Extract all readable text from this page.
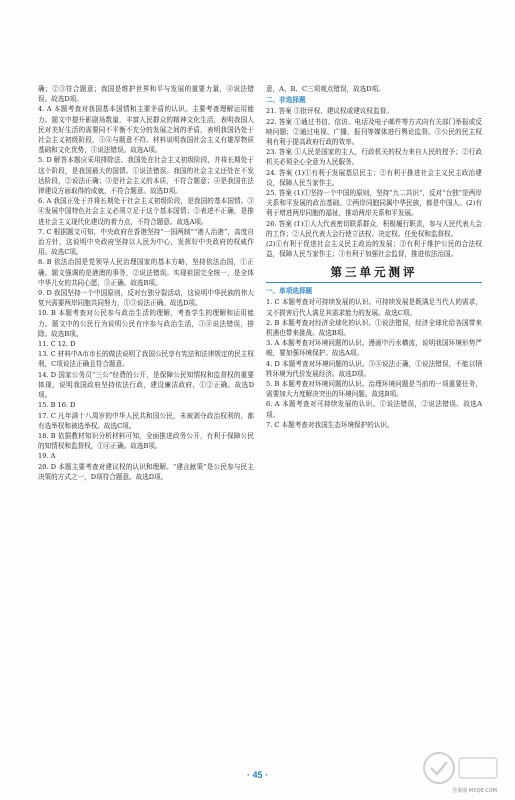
确；②③符合题意；我国是维护世界和平与发展的重要力量，④说法错误。故选D项。

4. A 本题考查对我国基本国情和主要矛盾的认识。主要考查理解运用能力。题文中提升影剧场数量，丰富人民群众的精神文化生活，表明我国人民对美好生活的需要同不平衡不充分的发展之间的矛盾，表明我国仍处于社会主义初级阶段，③④与题意不符。材料说明我国社会主义有雄厚物质基础和文化优势，③说法错误。故选A项。

5. D 解答本题应采用排除法。我国处在社会主义初级阶段，并将长期处于这个阶段，是我国最大的国情。①说法错误。我国的社会主义还处在不发达阶段，②说法正确；③是社会主义的本质，不符合题意；④是我国在法律建设方面取得的成就，不符合题意。故选D项。

6. A 我国正处于并将长期处于社会主义初级阶段，是我国的基本国情。③④发展中国特色社会主义必须立足于这个基本国情；②表述不正确，是推进社会主义现代化建设的着力点，不符合题意。故选A项。

7. C 根据题文可知，中央政府在香港坚持“一国两制”“港人治港”，高度自治方针，这说明中央政府坚持以人民为中心，发挥好中央政府的权威作用。故选C项。

8. B 依法治国是党领导人民治理国家的基本方略，坚持依法治国，①正确。题文强调的是港澳的事务，②说法错误。实现祖国完全统一，是全体中华儿女的共同心愿，③正确。故选B项。

9. D 我国坚持一个中国原则，反对台独分裂活动，这说明中华民族的伟大复兴需要两岸同胞共同努力，①③说法正确。故选D项。

10. B 本题考查对公民参与政治生活的理解，考查学生的理解和运用能力。题文中的公民行为说明公民有序参与政治生活，③④说法错误，排除。故选B项。

11. C 12. D

13. C 材料中A市市长的做法说明了我国公民享有宪法和法律规定的民主权利，C项说法正确且符合题意。

14. D 国家公务员“三公”经费的公开，是保障公民知情权和监督权的重要体现，说明我国政府坚持依法行政，建设廉洁政府，①②正确。故选D项。

15. B 16. D

17. C 凡年满十八周岁的中华人民共和国公民，未被剥夺政治权利的，都有选举权和被选举权。故选C项。

18. B 依据教材知识分析材料可知，全面推进政务公开，有利于保障公民的知情权和监督权，①④正确。故选B项。

19. A

20. D 本题主要考查对建议权的认识和理解。“建言献策”是公民参与民主决策的方式之一，D项符合题意。故选D项。

意，A、B、C三项观点错误，故选D项。

二、非选择题

21. 答案 ①批评权、建议权或建议权监督。

22. 答案 ①通过书信、信访、电话及电子邮件等方式向有关部门举报或反映问题；②通过电视、广播、报刊等媒体进行舆论监督。③公民的民主权利有利于提高政府行政的效率。

23. 答案 ①人民是国家的主人，行政机关的权力来自人民的授予；②行政机关必须全心全意为人民服务。

24. 答案 (1)①有利于发展基层民主；②有利于推进社会主义民主政治建设，保障人民当家作主。

25. 答案 (1)①坚持一个中国的原则，坚持“九二共识”，反对“台独”是两岸关系和平发展的政治基础。②两岸同胞同属中华民族，都是中国人。(2)有利于增进两岸同胞的福祉，推动两岸关系和平发展。

26. 答案 (1)①人大代表密切联系群众，积极履行职责，参与人民代表大会的工作；②人民代表大会行使立法权、决定权、任免权和监督权。

(2)①有利于促进社会主义民主政治的发展；②有利于维护公民的合法权益，保障人民当家作主；③有利于加强社会监督，推进依法治国。

第三单元测评
一、单项选择题

1. C 本题考查对可持续发展的认识。可持续发展是既满足当代人的需求，又不损害后代人满足其需求能力的发展。故选C项。

2. B 本题考查对经济全球化的认识。①说法错误，经济全球化给各国带来机遇也带来挑战。故选B项。

3. A 本题考查对环境问题的认识。漫画中污水横流，说明我国环境形势严峻，要加强环境保护。故选A项。

4. D 本题考查对环境问题的认识。③④说法正确，①说法错误，不能以牺牲环境为代价发展经济。故选D项。

5. B 本题考查对环境问题的认识。治理环境问题是当前的一项重要任务，需要加大力度解决突出的环境问题。故选B项。

6. A 本题考查对可持续发展的认识。①说法错误，②说法错误。故选A项。

7. C 本题考查对我国生态环境保护的认识。

· 45 ·
答案圈 MXQE.COM
